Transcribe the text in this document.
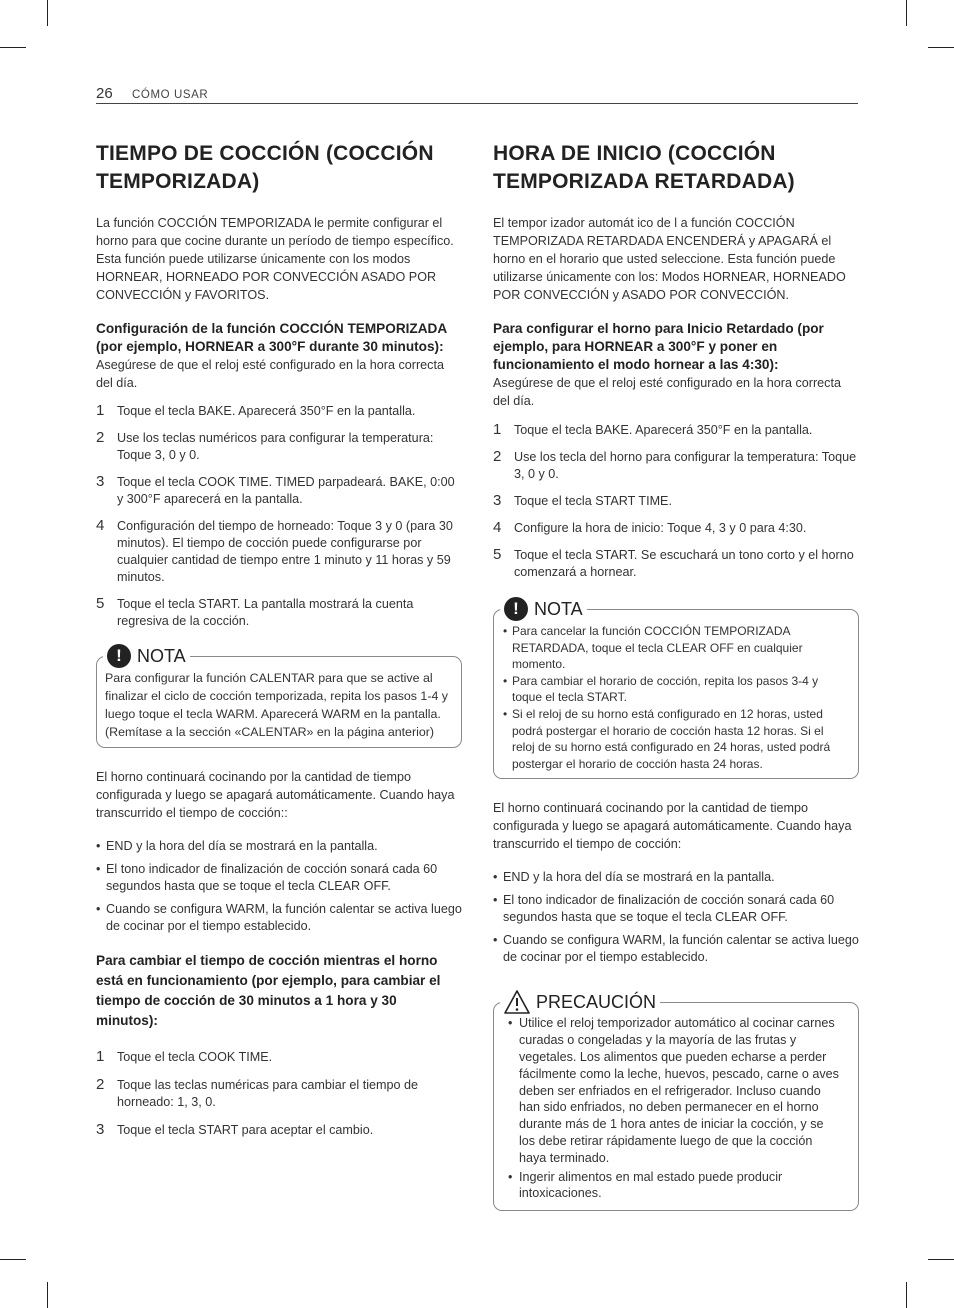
26 CÓMO USAR
TIEMPO DE COCCIÓN (COCCIÓN TEMPORIZADA)

La función COCCIÓN TEMPORIZADA le permite configurar el horno para que cocine durante un período de tiempo específico. Esta función puede utilizarse únicamente con los modos HORNEAR, HORNEADO POR CONVECCIÓN ASADO POR CONVECCIÓN y FAVORITOS.

Configuración de la función COCCIÓN TEMPORIZADA (por ejemplo, HORNEAR a 300°F durante 30 minutos):

Asegúrese de que el reloj esté configurado en la hora correcta del día.

1 Toque el tecla BAKE. Aparecerá 350°F en la pantalla.
2 Use los teclas numéricos para configurar la temperatura: Toque 3, 0 y 0.
3 Toque el tecla COOK TIME. TIMED parpadeará. BAKE, 0:00 y 300°F aparecerá en la pantalla.
4 Configuración del tiempo de horneado: Toque 3 y 0 (para 30 minutos). El tiempo de cocción puede configurarse por cualquier cantidad de tiempo entre 1 minuto y 11 horas y 59 minutos.
5 Toque el tecla START. La pantalla mostrará la cuenta regresiva de la cocción.
! NOTA

Para configurar la función CALENTAR para que se active al finalizar el ciclo de cocción temporizada, repita los pasos 1-4 y luego toque el tecla WARM. Aparecerá WARM en la pantalla. (Remítase a la sección «CALENTAR» en la página anterior)

El horno continuará cocinando por la cantidad de tiempo configurada y luego se apagará automáticamente. Cuando haya transcurrido el tiempo de cocción::

• END y la hora del día se mostrará en la pantalla.
• El tono indicador de finalización de cocción sonará cada 60 segundos hasta que se toque el tecla CLEAR OFF.
• Cuando se configura WARM, la función calentar se activa luego de cocinar por el tiempo establecido.

Para cambiar el tiempo de cocción mientras el horno está en funcionamiento (por ejemplo, para cambiar el tiempo de cocción de 30 minutos a 1 hora y 30 minutos):

1 Toque el tecla COOK TIME.
2 Toque las teclas numéricas para cambiar el tiempo de horneado: 1, 3, 0.
3 Toque el tecla START para aceptar el cambio.
HORA DE INICIO (COCCIÓN TEMPORIZADA RETARDADA)

El tempor izador automát ico de l a función COCCIÓN TEMPORIZADA RETARDADA ENCENDERÁ y APAGARÁ el horno en el horario que usted seleccione. Esta función puede utilizarse únicamente con los: Modos HORNEAR, HORNEADO POR CONVECCIÓN y ASADO POR CONVECCIÓN.

Para configurar el horno para Inicio Retardado (por ejemplo, para HORNEAR a 300°F y poner en funcionamiento el modo hornear a las 4:30):

Asegúrese de que el reloj esté configurado en la hora correcta del día.

1 Toque el tecla BAKE. Aparecerá 350°F en la pantalla.
2 Use los tecla del horno para configurar la temperatura: Toque 3, 0 y 0.
3 Toque el tecla START TIME.
4 Configure la hora de inicio: Toque 4, 3 y 0 para 4:30.
5 Toque el tecla START. Se escuchará un tono corto y el horno comenzará a hornear.
! NOTA
• Para cancelar la función COCCIÓN TEMPORIZADA RETARDADA, toque el tecla CLEAR OFF en cualquier momento.
• Para cambiar el horario de cocción, repita los pasos 3-4 y toque el tecla START.
• Si el reloj de su horno está configurado en 12 horas, usted podrá postergar el horario de cocción hasta 12 horas. Si el reloj de su horno está configurado en 24 horas, usted podrá postergar el horario de cocción hasta 24 horas.

El horno continuará cocinando por la cantidad de tiempo configurada y luego se apagará automáticamente. Cuando haya transcurrido el tiempo de cocción:

• END y la hora del día se mostrará en la pantalla.
• El tono indicador de finalización de cocción sonará cada 60 segundos hasta que se toque el tecla CLEAR OFF.
• Cuando se configura WARM, la función calentar se activa luego de cocinar por el tiempo establecido.
PRECAUCIÓN
• Utilice el reloj temporizador automático al cocinar carnes curadas o congeladas y la mayoría de las frutas y vegetales. Los alimentos que pueden echarse a perder fácilmente como la leche, huevos, pescado, carne o aves deben ser enfriados en el refrigerador. Incluso cuando han sido enfriados, no deben permanecer en el horno durante más de 1 hora antes de iniciar la cocción, y se los debe retirar rápidamente luego de que la cocción haya terminado.
• Ingerir alimentos en mal estado puede producir intoxicaciones.
